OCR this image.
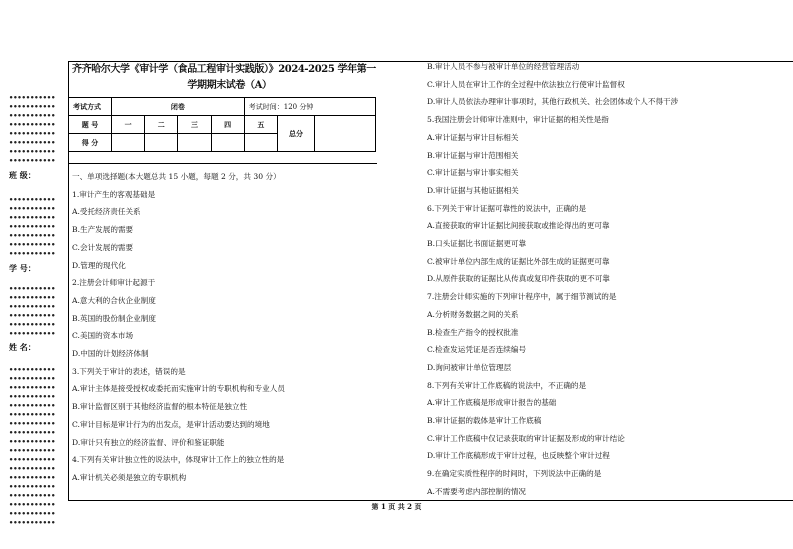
•••••••••••
•••••••••••
•••••••••••
•••••••••••
•••••••••••
•••••••••••
•••••••••••
•••••••••••
班 级：
•••••••••••
•••••••••••
•••••••••••
•••••••••••
•••••••••••
•••••••••••
•••••••••••
学 号：
•••••••••••
•••••••••••
•••••••••••
•••••••••••
•••••••••••
•••••••••••
姓 名：
•••••••••••
•••••••••••
•••••••••••
•••••••••••
•••••••••••
•••••••••••
•••••••••••
•••••••••••
•••••••••••
•••••••••••
•••••••••••
•••••••••••
•••••••••••
•••••••••••
•••••••••••
•••••••••••
•••••••••••
•••••••••••
齐齐哈尔大学《审计学（食品工程审计实践版）》2024-2025 学年第一
学期期末试卷（A）
考试方式	闭卷				考试时间：120 分钟		
题 号	一	二	三	四	五	总分	
得 分							
一、单项选择题(本大题总共 15 小题，每题 2 分，共 30 分）
1.审计产生的客观基础是
A.受托经济责任关系
B.生产发展的需要
C.会计发展的需要
D.管理的现代化
2.注册会计师审计起源于
A.意大利的合伙企业制度
B.英国的股份制企业制度
C.美国的资本市场
D.中国的计划经济体制
3.下列关于审计的表述，错误的是
A.审计主体是接受授权或委托而实施审计的专职机构和专业人员
B.审计监督区别于其他经济监督的根本特征是独立性
C.审计目标是审计行为的出发点，是审计活动要达到的境地
D.审计只有独立的经济监督、评价和鉴证职能
4.下列有关审计独立性的说法中，体现审计工作上的独立性的是
A.审计机关必须是独立的专职机构
B.审计人员不参与被审计单位的经营管理活动
C.审计人员在审计工作的全过程中依法独立行使审计监督权
D.审计人员依法办理审计事项时，其他行政机关、社会团体或个人不得干涉
5.我国注册会计师审计准则中，审计证据的相关性是指
A.审计证据与审计目标相关
B.审计证据与审计范围相关
C.审计证据与审计事实相关
D.审计证据与其他证据相关
6.下列关于审计证据可靠性的说法中，正确的是
A.直接获取的审计证据比间接获取或推论得出的更可靠
B.口头证据比书面证据更可靠
C.被审计单位内部生成的证据比外部生成的证据更可靠
D.从原件获取的证据比从传真或复印件获取的更不可靠
7.注册会计师实施的下列审计程序中，属于细节测试的是
A.分析财务数据之间的关系
B.检查生产指令的授权批准
C.检查发运凭证是否连续编号
D.询问被审计单位管理层
8.下列有关审计工作底稿的说法中，不正确的是
A.审计工作底稿是形成审计报告的基础
B.审计证据的载体是审计工作底稿
C.审计工作底稿中仅记录获取的审计证据及形成的审计结论
D.审计工作底稿形成于审计过程，也反映整个审计过程
9.在确定实质性程序的时间时，下列说法中正确的是
A.不需要考虑内部控制的情况
第 1 页 共 2 页
